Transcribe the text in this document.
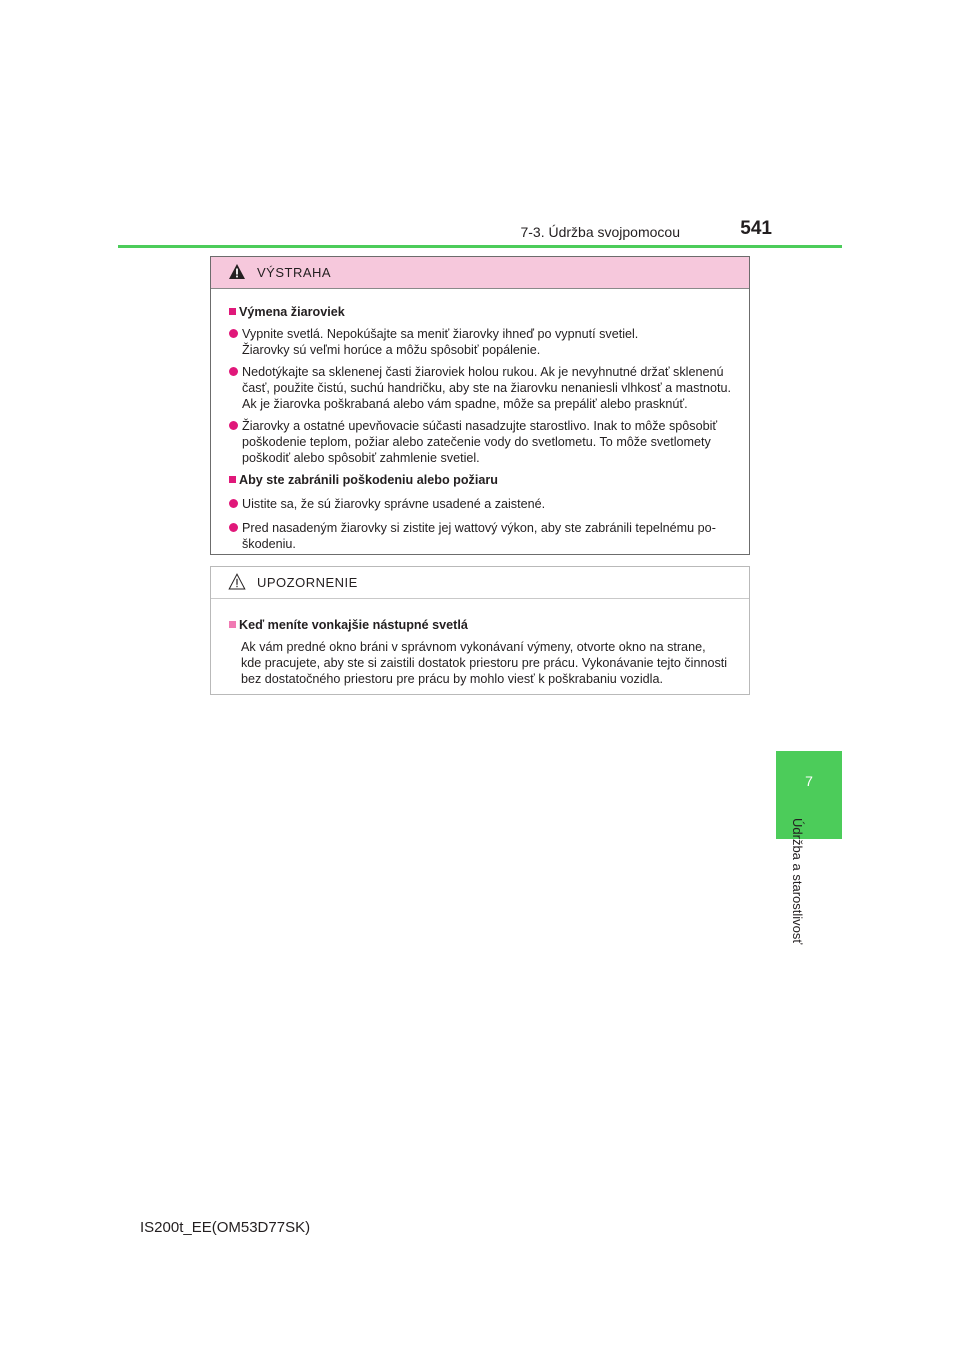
7-3. Údržba svojpomocou	541
7
Údržba a starostlivosť
VÝSTRAHA
Výmena žiaroviek
Vypnite svetlá. Nepokúšajte sa meniť žiarovky ihneď po vypnutí svetiel.
Žiarovky sú veľmi horúce a môžu spôsobiť popálenie.
Nedotýkajte sa sklenenej časti žiaroviek holou rukou. Ak je nevyhnutné držať sklenenú
časť, použite čistú, suchú handričku, aby ste na žiarovku nenaniesli vlhkosť a mastnotu.
Ak je žiarovka poškrabaná alebo vám spadne, môže sa prepáliť alebo prasknúť.
Žiarovky a ostatné upevňovacie súčasti nasadzujte starostlivo. Inak to môže spôsobiť
poškodenie teplom, požiar alebo zatečenie vody do svetlometu. To môže svetlomety
poškodiť alebo spôsobiť zahmlenie svetiel.
Aby ste zabránili poškodeniu alebo požiaru
Uistite sa, že sú žiarovky správne usadené a zaistené.
Pred nasadeným žiarovky si zistite jej wattový výkon, aby ste zabránili tepelnému po-
škodeniu.
UPOZORNENIE
Keď meníte vonkajšie nástupné svetlá
Ak vám predné okno bráni v správnom vykonávaní výmeny, otvorte okno na strane,
kde pracujete, aby ste si zaistili dostatok priestoru pre prácu. Vykonávanie tejto činnosti
bez dostatočného priestoru pre prácu by mohlo viesť k poškrabaniu vozidla.
IS200t_EE(OM53D77SK)
